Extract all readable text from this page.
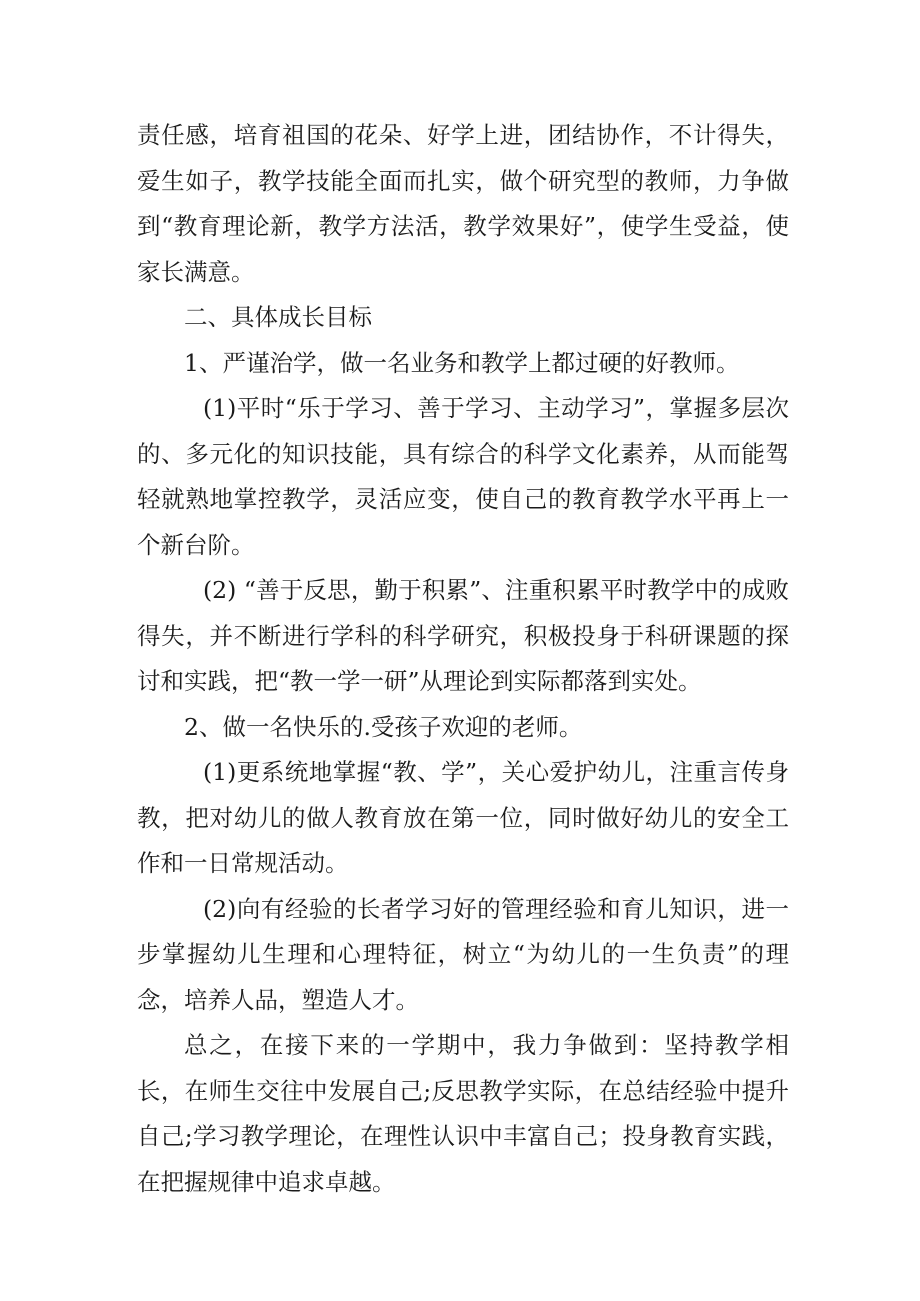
责任感，培育祖国的花朵、好学上进，团结协作，不计得失，爱生如子，教学技能全面而扎实，做个研究型的教师，力争做到“教育理论新，教学方法活，教学效果好”，使学生受益，使家长满意。

二、具体成长目标

1、严谨治学，做一名业务和教学上都过硬的好教师。

(1)平时“乐于学习、善于学习、主动学习”，掌握多层次的、多元化的知识技能，具有综合的科学文化素养，从而能驾轻就熟地掌控教学，灵活应变，使自己的教育教学水平再上一个新台阶。

(2) “善于反思，勤于积累”、注重积累平时教学中的成败得失，并不断进行学科的科学研究，积极投身于科研课题的探讨和实践，把“教一学一研”从理论到实际都落到实处。

2、做一名快乐的.受孩子欢迎的老师。

(1)更系统地掌握“教、学”，关心爱护幼儿，注重言传身教，把对幼儿的做人教育放在第一位，同时做好幼儿的安全工作和一日常规活动。

(2)向有经验的长者学习好的管理经验和育儿知识，进一步掌握幼儿生理和心理特征，树立“为幼儿的一生负责”的理念，培养人品，塑造人才。

总之，在接下来的一学期中，我力争做到：坚持教学相长，在师生交往中发展自己;反思教学实际，在总结经验中提升自己;学习教学理论，在理性认识中丰富自己；投身教育实践，在把握规律中追求卓越。
